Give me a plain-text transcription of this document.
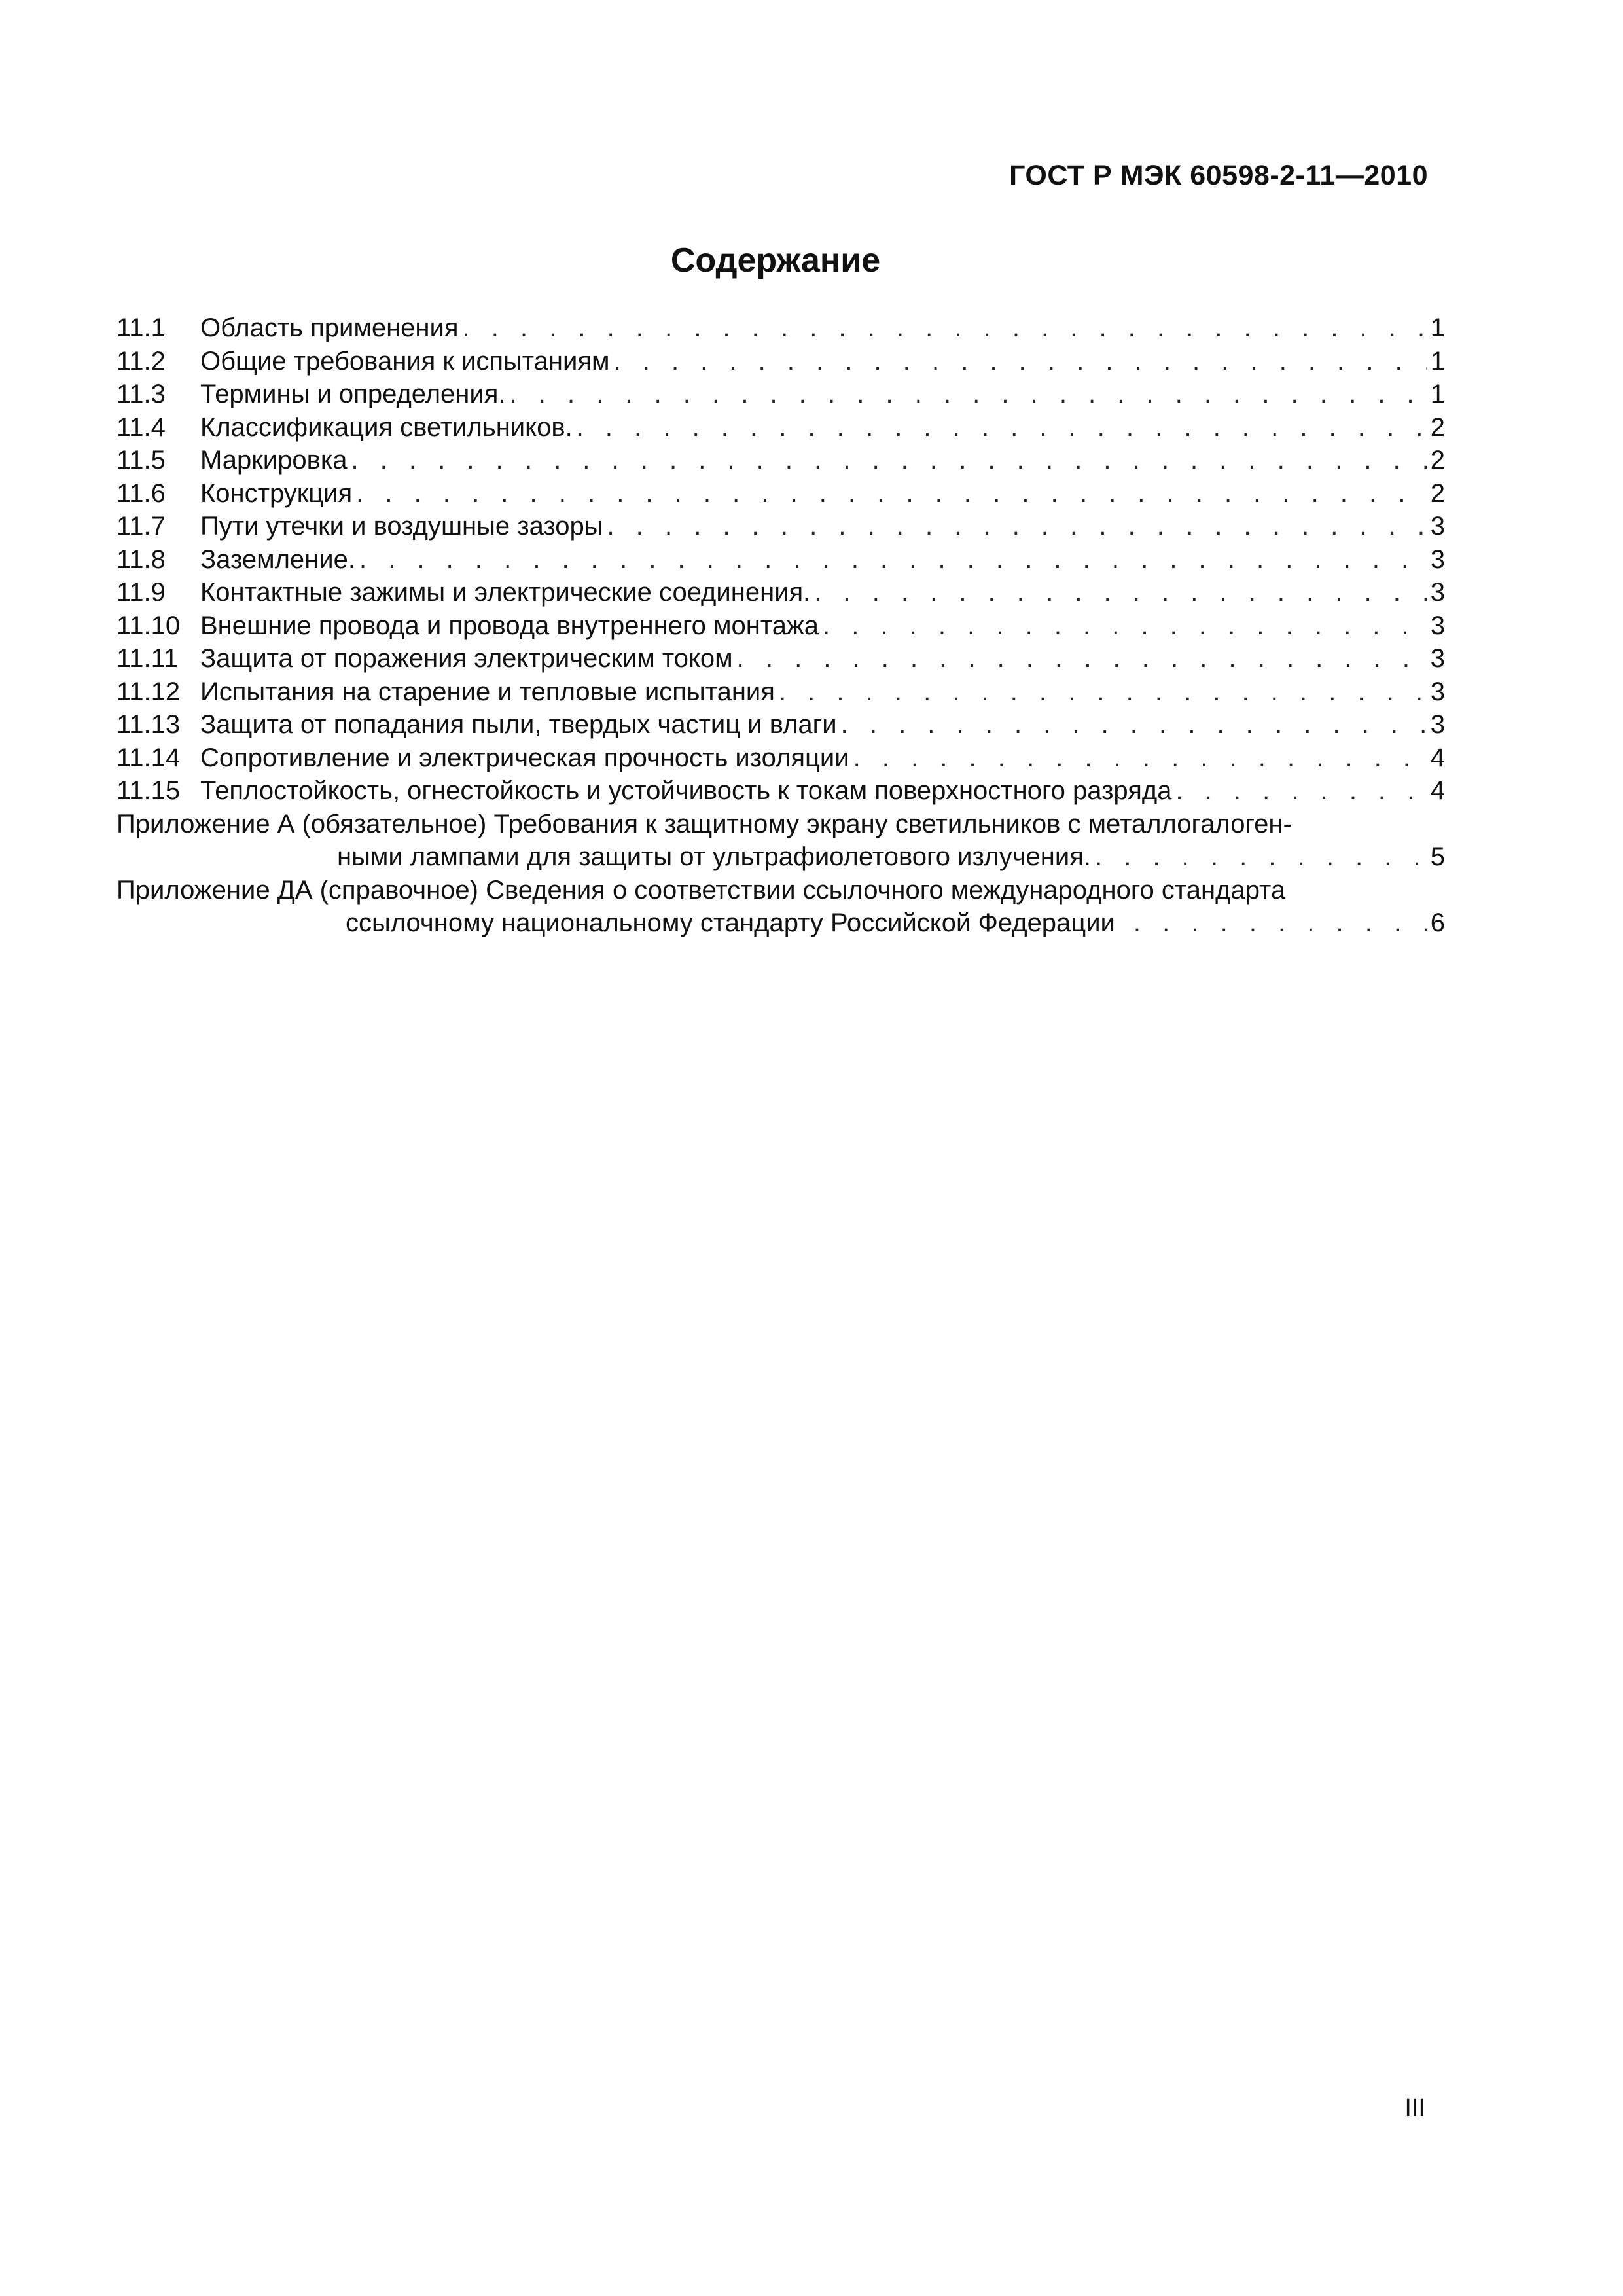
ГОСТ Р МЭК 60598-2-11—2010
Содержание
11.1	Область применения . . .	1
11.2	Общие требования к испытаниям . . .	1
11.3	Термины и определения. . . .	1
11.4	Классификация светильников. . . .	2
11.5	Маркировка . . .	2
11.6	Конструкция . . .	2
11.7	Пути утечки и воздушные зазоры . . .	3
11.8	Заземление. . . .	3
11.9	Контактные зажимы и электрические соединения. . . .	3
11.10 Внешние провода и провода внутреннего монтажа . . .	3
11.11 Защита от поражения электрическим током . . .	3
11.12 Испытания на старение и тепловые испытания . . .	3
11.13 Защита от попадания пыли, твердых частиц и влаги . . .	3
11.14 Сопротивление и электрическая прочность изоляции . . .	4
11.15 Теплостойкость, огнестойкость и устойчивость к токам поверхностного разряда . . .	4
Приложение А (обязательное) Требования к защитному экрану светильников с металлогалоген-
ными лампами для защиты от ультрафиолетового излучения. . . .	5
Приложение ДА (справочное) Сведения о соответствии ссылочного международного стандарта
ссылочному национальному стандарту Российской Федерации . . .	6
III
